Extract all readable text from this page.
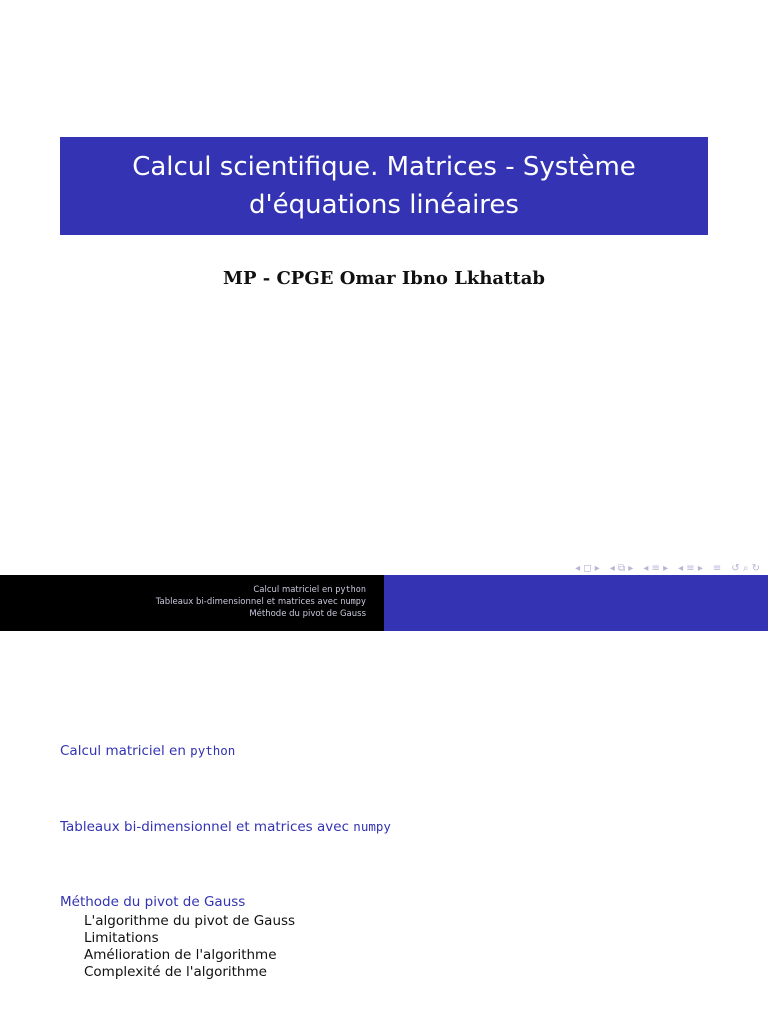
Calcul scientifique. Matrices - Système d'équations linéaires
MP - CPGE Omar Ibno Lkhattab
◂ ◻ ▸ ◂ ⧉ ▸ ◂ ≡ ▸ ◂ ≡ ▸ ≡ ↺ ⌕ ↻
Calcul matriciel en python
Tableaux bi-dimensionnel et matrices avec numpy
Méthode du pivot de Gauss
Calcul matriciel en python
Tableaux bi-dimensionnel et matrices avec numpy
Méthode du pivot de Gauss
L'algorithme du pivot de Gauss
Limitations
Amélioration de l'algorithme
Complexité de l'algorithme
